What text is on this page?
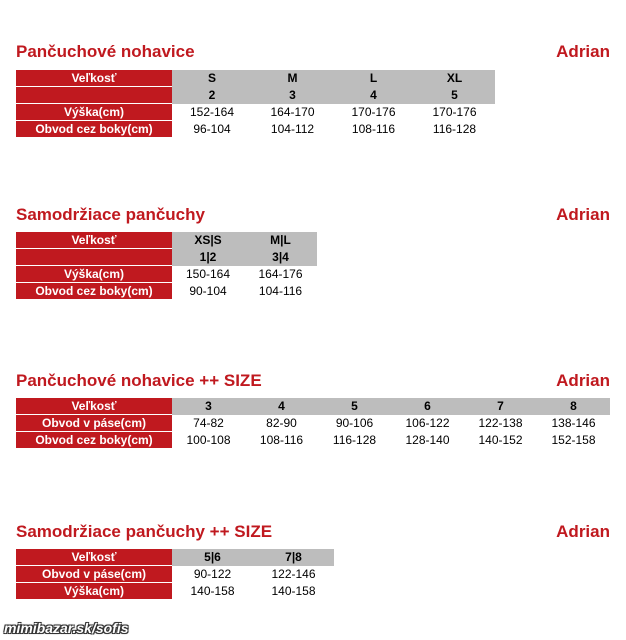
Pančuchové nohavice	Adrian
Veľkosť	S	M	L	XL
	2	3	4	5
Výška(cm)	152-164	164-170	170-176	170-176
Obvod cez boky(cm)	96-104	104-112	108-116	116-128
Samodržiace pančuchy	Adrian
Veľkosť	XS|S	M|L
	1|2	3|4
Výška(cm)	150-164	164-176
Obvod cez boky(cm)	90-104	104-116
Pančuchové nohavice ++ SIZE	Adrian
Veľkosť	3	4	5	6	7	8
Obvod v páse(cm)	74-82	82-90	90-106	106-122	122-138	138-146
Obvod cez boky(cm)	100-108	108-116	116-128	128-140	140-152	152-158
Samodržiace pančuchy ++ SIZE	Adrian
Veľkosť	5|6	7|8
Obvod v páse(cm)	90-122	122-146
Výška(cm)	140-158	140-158
mimibazar.sk/sofis
